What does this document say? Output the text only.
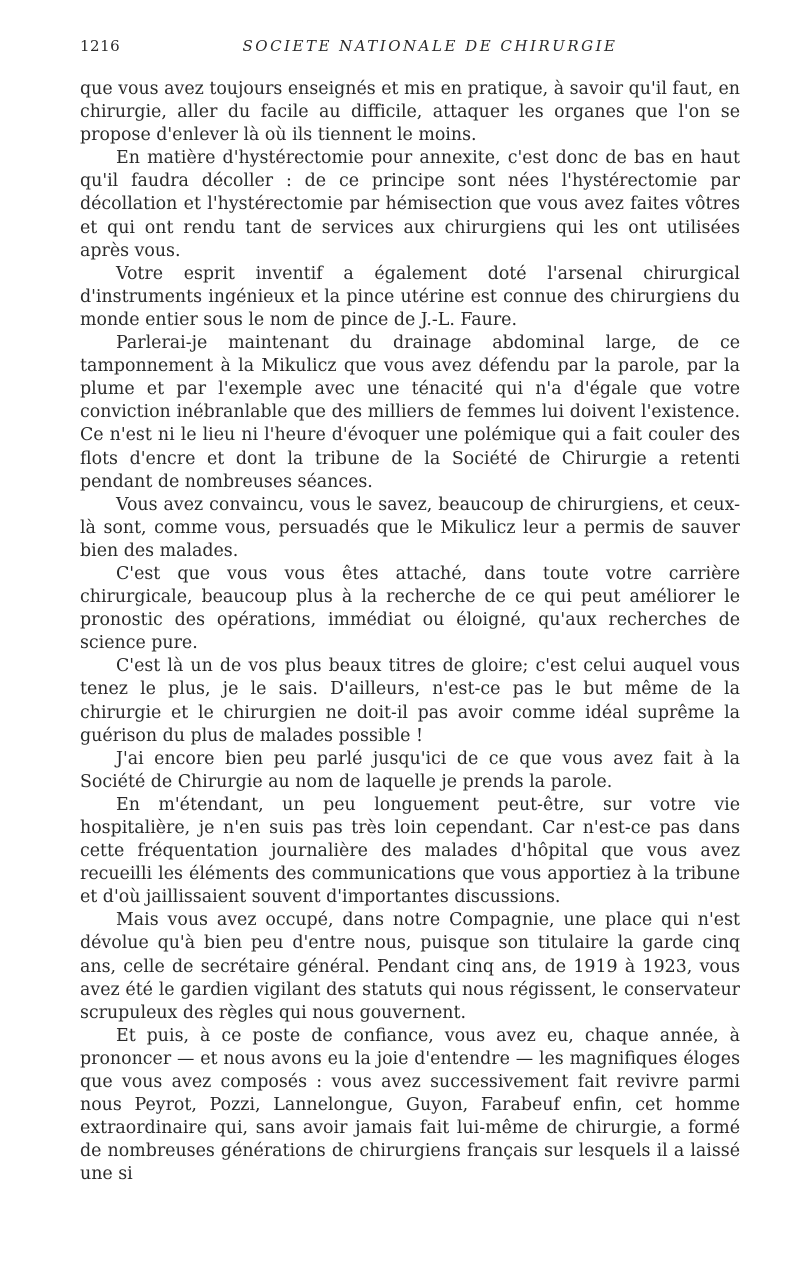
1216	SOCIETE NATIONALE DE CHIRURGIE

que vous avez toujours enseignés et mis en pratique, à savoir qu'il faut, en chirurgie, aller du facile au difficile, attaquer les organes que l'on se propose d'enlever là où ils tiennent le moins.

En matière d'hystérectomie pour annexite, c'est donc de bas en haut qu'il faudra décoller : de ce principe sont nées l'hystérectomie par décollation et l'hystérectomie par hémisection que vous avez faites vôtres et qui ont rendu tant de services aux chirurgiens qui les ont utilisées après vous.

Votre esprit inventif a également doté l'arsenal chirurgical d'instruments ingénieux et la pince utérine est connue des chirurgiens du monde entier sous le nom de pince de J.-L. Faure.

Parlerai-je maintenant du drainage abdominal large, de ce tamponnement à la Mikulicz que vous avez défendu par la parole, par la plume et par l'exemple avec une ténacité qui n'a d'égale que votre conviction inébranlable que des milliers de femmes lui doivent l'existence. Ce n'est ni le lieu ni l'heure d'évoquer une polémique qui a fait couler des flots d'encre et dont la tribune de la Société de Chirurgie a retenti pendant de nombreuses séances.

Vous avez convaincu, vous le savez, beaucoup de chirurgiens, et ceux-là sont, comme vous, persuadés que le Mikulicz leur a permis de sauver bien des malades.

C'est que vous vous êtes attaché, dans toute votre carrière chirurgicale, beaucoup plus à la recherche de ce qui peut améliorer le pronostic des opérations, immédiat ou éloigné, qu'aux recherches de science pure.

C'est là un de vos plus beaux titres de gloire; c'est celui auquel vous tenez le plus, je le sais. D'ailleurs, n'est-ce pas le but même de la chirurgie et le chirurgien ne doit-il pas avoir comme idéal suprême la guérison du plus de malades possible !

J'ai encore bien peu parlé jusqu'ici de ce que vous avez fait à la Société de Chirurgie au nom de laquelle je prends la parole.

En m'étendant, un peu longuement peut-être, sur votre vie hospitalière, je n'en suis pas très loin cependant. Car n'est-ce pas dans cette fréquentation journalière des malades d'hôpital que vous avez recueilli les éléments des communications que vous apportiez à la tribune et d'où jaillissaient souvent d'importantes discussions.

Mais vous avez occupé, dans notre Compagnie, une place qui n'est dévolue qu'à bien peu d'entre nous, puisque son titulaire la garde cinq ans, celle de secrétaire général. Pendant cinq ans, de 1919 à 1923, vous avez été le gardien vigilant des statuts qui nous régissent, le conservateur scrupuleux des règles qui nous gouvernent.

Et puis, à ce poste de confiance, vous avez eu, chaque année, à prononcer — et nous avons eu la joie d'entendre — les magnifiques éloges que vous avez composés : vous avez successivement fait revivre parmi nous Peyrot, Pozzi, Lannelongue, Guyon, Farabeuf enfin, cet homme extraordinaire qui, sans avoir jamais fait lui-même de chirurgie, a formé de nombreuses générations de chirurgiens français sur lesquels il a laissé une si
